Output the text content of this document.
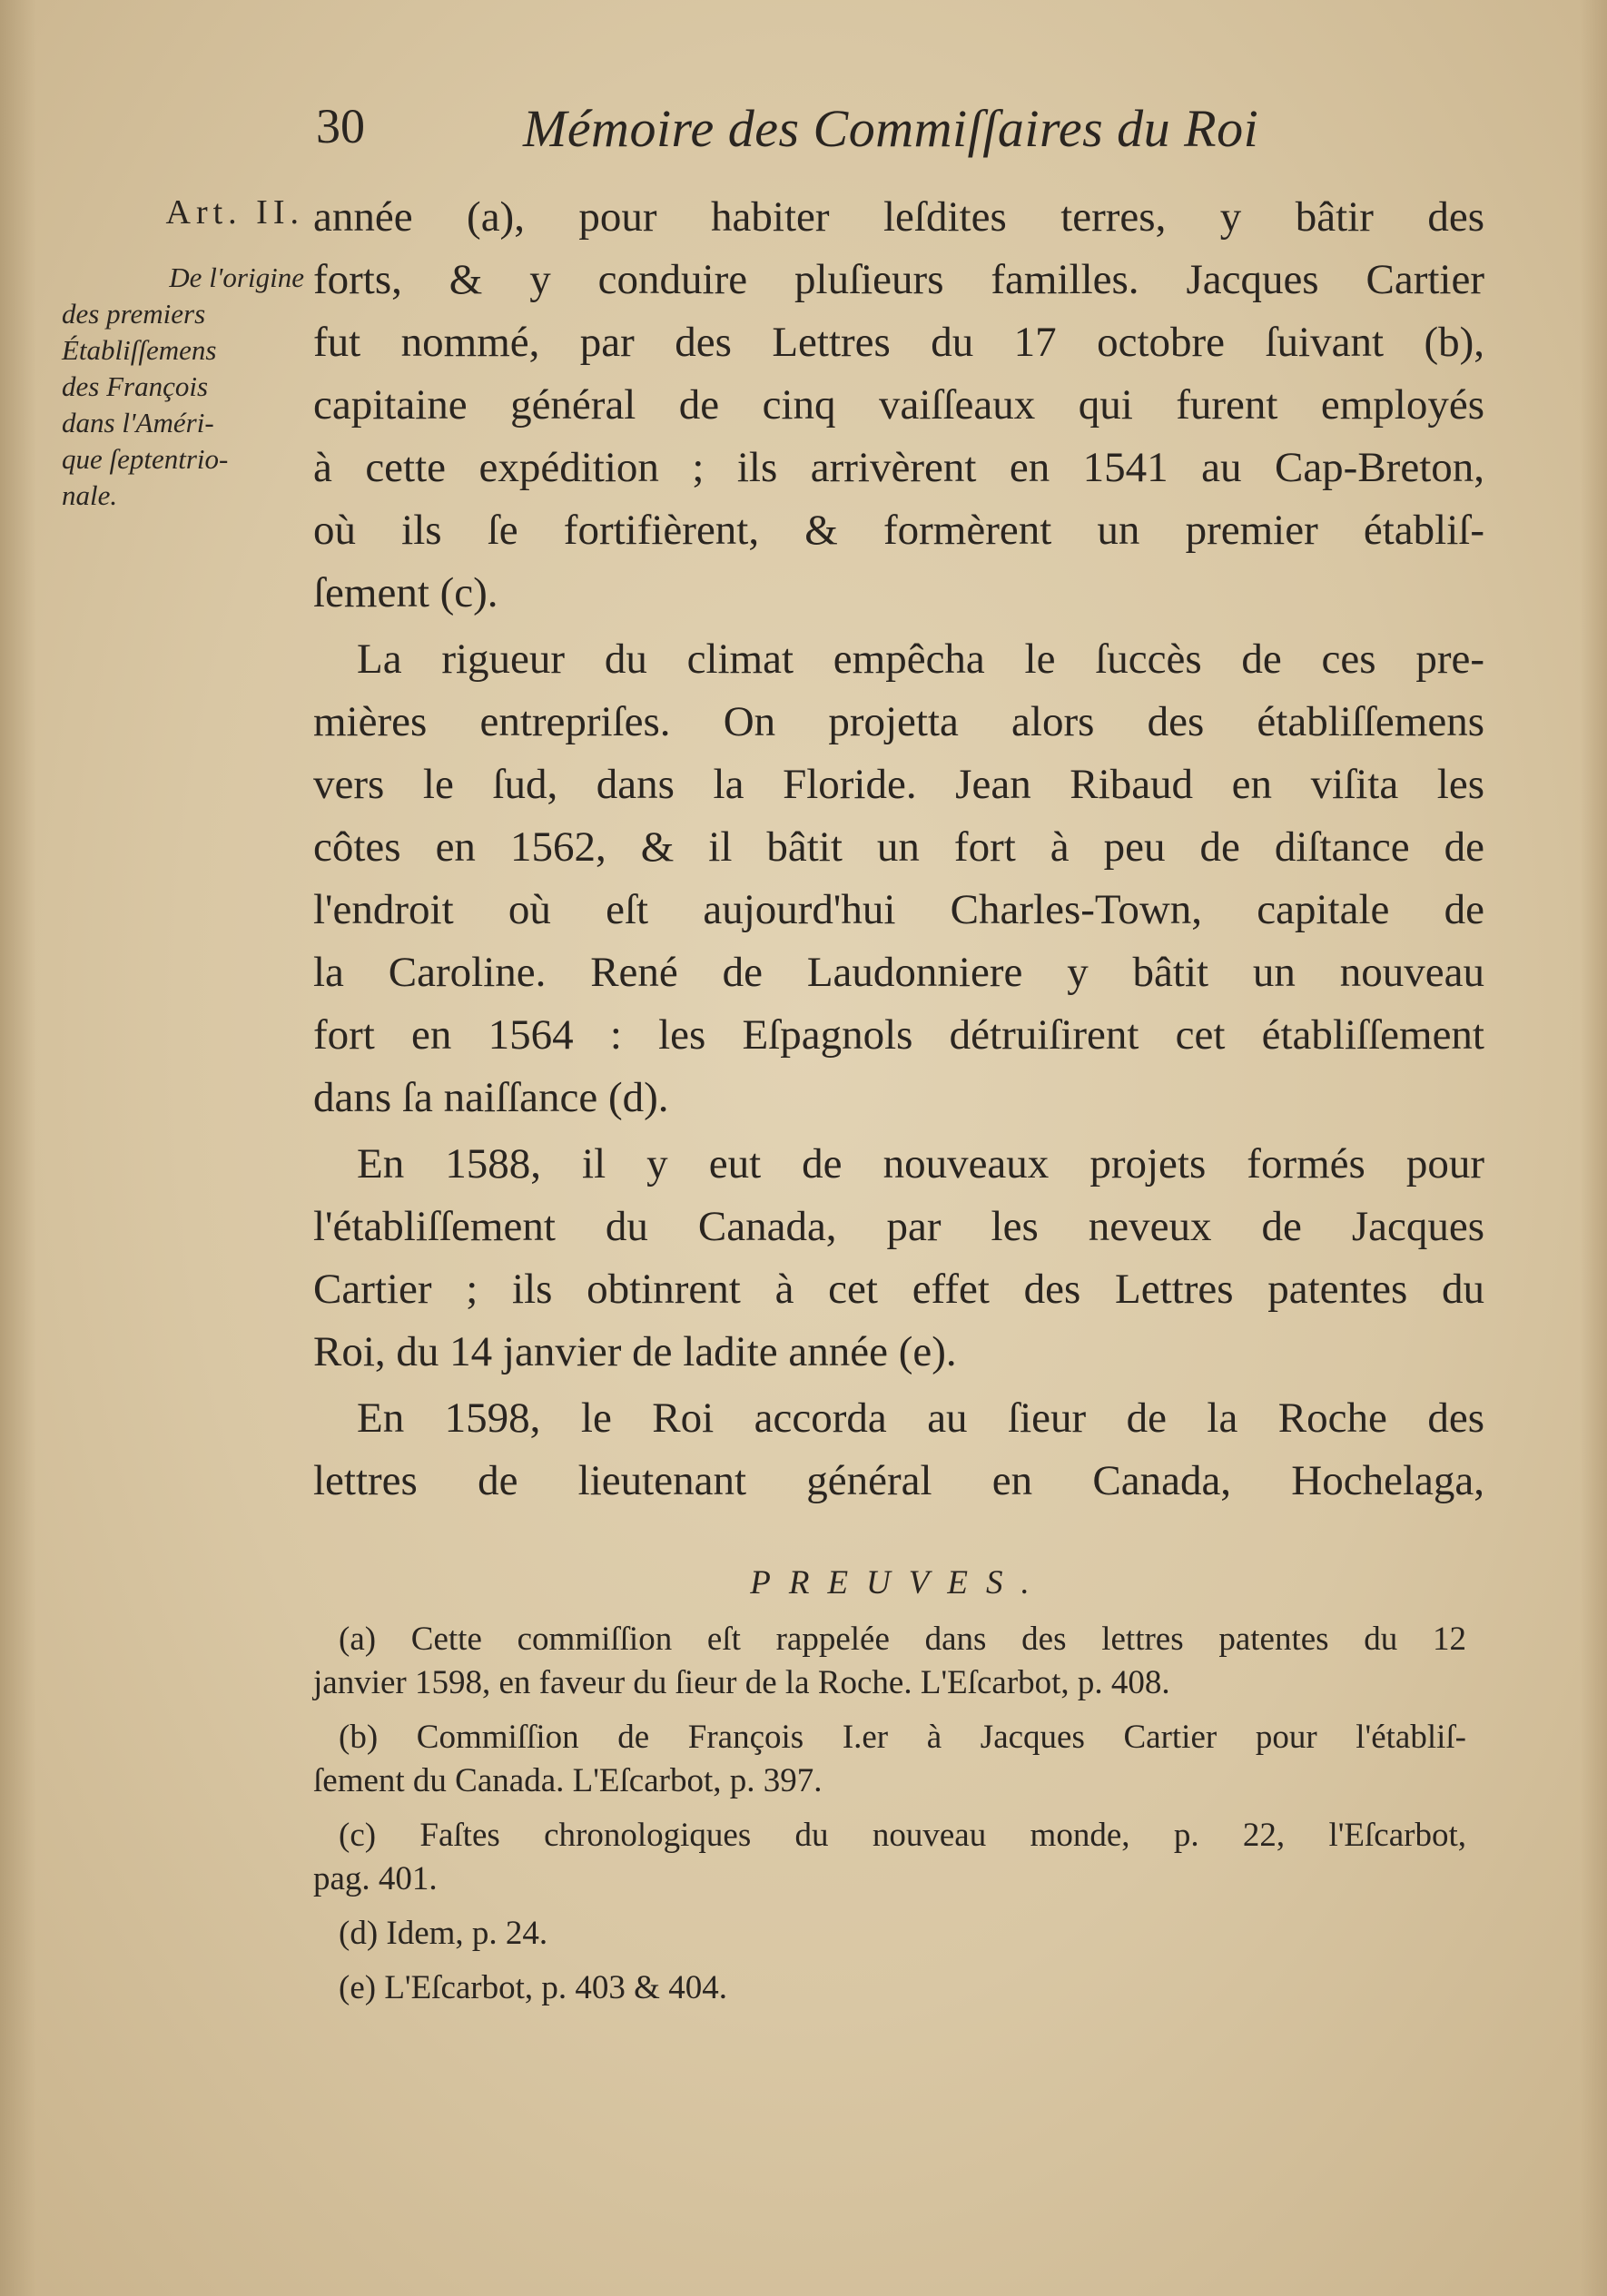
30	Mémoire des Commiſſaires du Roi
Art. II.
De l'origine
des premiers
Établiſſemens
des François
dans l'Améri-
que ſeptentrio-
nale.
année (a), pour habiter leſdites terres, y bâtir des
forts, & y conduire pluſieurs familles. Jacques Cartier
fut nommé, par des Lettres du 17 octobre ſuivant (b),
capitaine général de cinq vaiſſeaux qui furent employés
à cette expédition ; ils arrivèrent en 1541 au Cap-Breton,
où ils ſe fortifièrent, & formèrent un premier établiſ-
ſement (c).
La rigueur du climat empêcha le ſuccès de ces pre-
mières entrepriſes. On projetta alors des établiſſemens
vers le ſud, dans la Floride. Jean Ribaud en viſita les
côtes en 1562, & il bâtit un fort à peu de diſtance de
l'endroit où eſt aujourd'hui Charles-Town, capitale de
la Caroline. René de Laudonniere y bâtit un nouveau
fort en 1564 : les Eſpagnols détruiſirent cet établiſſement
dans ſa naiſſance (d).
En 1588, il y eut de nouveaux projets formés pour
l'établiſſement du Canada, par les neveux de Jacques
Cartier ; ils obtinrent à cet effet des Lettres patentes du
Roi, du 14 janvier de ladite année (e).
En 1598, le Roi accorda au ſieur de la Roche des
lettres de lieutenant général en Canada, Hochelaga,
PREUVES.
(a) Cette commiſſion eſt rappelée dans des lettres patentes du 12
janvier 1598, en faveur du ſieur de la Roche. L'Eſcarbot, p. 408.
(b) Commiſſion de François I.er à Jacques Cartier pour l'établiſ-
ſement du Canada. L'Eſcarbot, p. 397.
(c) Faſtes chronologiques du nouveau monde, p. 22, l'Eſcarbot,
pag. 401.
(d) Idem, p. 24.
(e) L'Eſcarbot, p. 403 & 404.
